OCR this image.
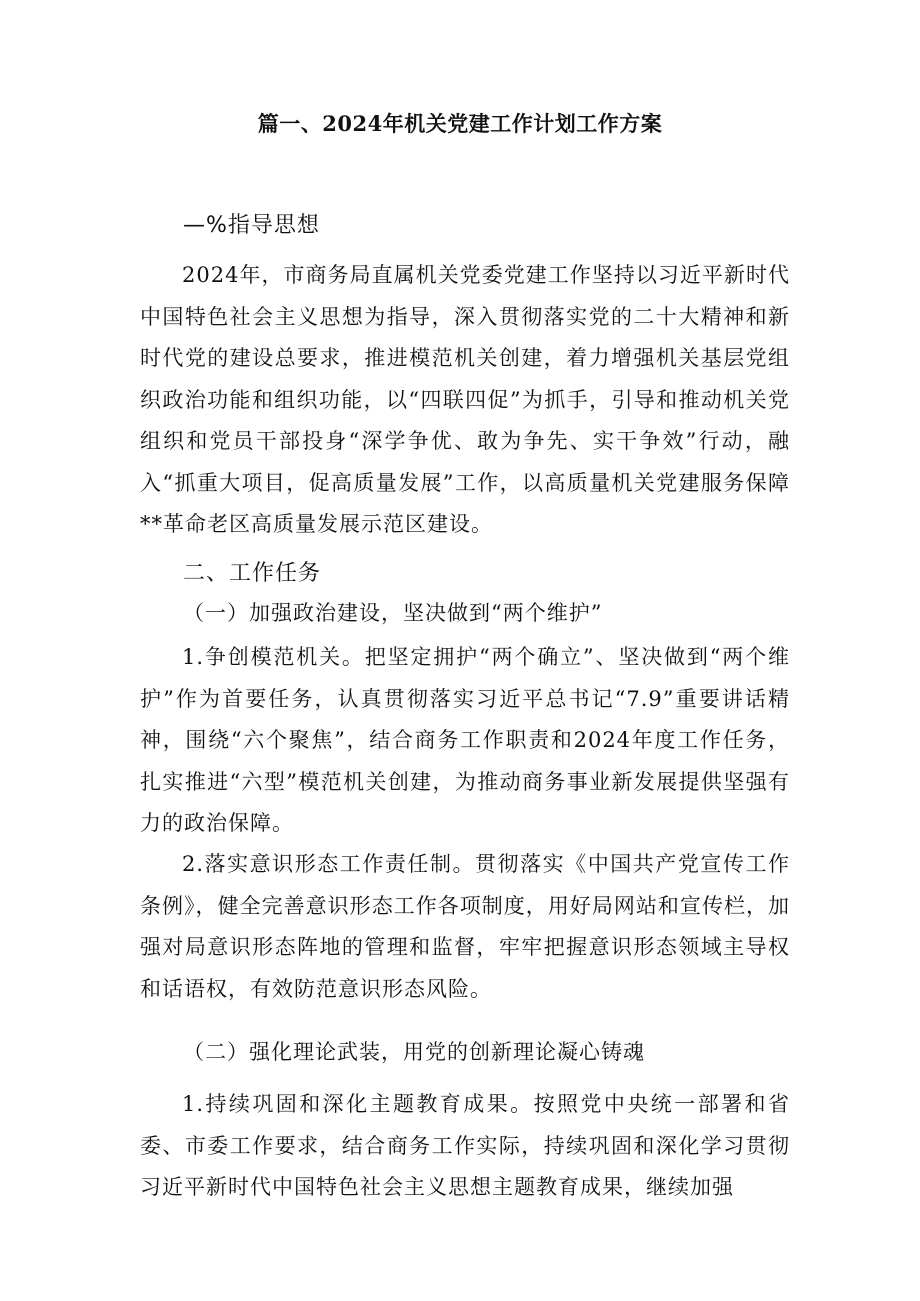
篇一、2024年机关党建工作计划工作方案
—%指导思想
2024年，市商务局直属机关党委党建工作坚持以习近平新时代中国特色社会主义思想为指导，深入贯彻落实党的二十大精神和新时代党的建设总要求，推进模范机关创建，着力增强机关基层党组织政治功能和组织功能，以“四联四促”为抓手，引导和推动机关党组织和党员干部投身“深学争优、敢为争先、实干争效”行动，融入“抓重大项目，促高质量发展”工作，以高质量机关党建服务保障**革命老区高质量发展示范区建设。
二、工作任务
（一）加强政治建设，坚决做到“两个维护”
1.争创模范机关。把坚定拥护“两个确立”、坚决做到“两个维护”作为首要任务，认真贯彻落实习近平总书记“7.9”重要讲话精神，围绕“六个聚焦”，结合商务工作职责和2024年度工作任务，扎实推进“六型”模范机关创建，为推动商务事业新发展提供坚强有力的政治保障。
2.落实意识形态工作责任制。贯彻落实《中国共产党宣传工作条例》，健全完善意识形态工作各项制度，用好局网站和宣传栏，加强对局意识形态阵地的管理和监督，牢牢把握意识形态领域主导权和话语权，有效防范意识形态风险。
（二）强化理论武装，用党的创新理论凝心铸魂
1.持续巩固和深化主题教育成果。按照党中央统一部署和省委、市委工作要求，结合商务工作实际，持续巩固和深化学习贯彻习近平新时代中国特色社会主义思想主题教育成果，继续加强
